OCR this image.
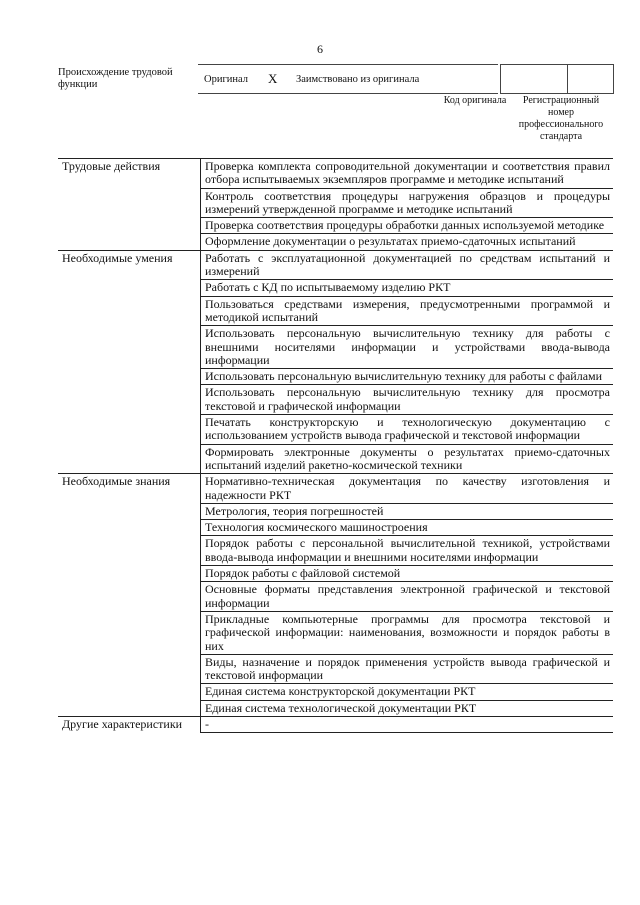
6
Происхождение трудовой функции	Оригинал X Заимствовано из оригинала
Код оригинала	Регистрационный номер профессионального стандарта
Трудовые действия	Проверка комплекта сопроводительной документации и соответствия правил отбора испытываемых экземпляров программе и методике испытаний
	Контроль соответствия процедуры нагружения образцов и процедуры измерений утвержденной программе и методике испытаний
	Проверка соответствия процедуры обработки данных используемой методике
	Оформление документации о результатах приемо-сдаточных испытаний
Необходимые умения	Работать с эксплуатационной документацией по средствам испытаний и измерений
	Работать с КД по испытываемому изделию РКТ
	Пользоваться средствами измерения, предусмотренными программой и методикой испытаний
	Использовать персональную вычислительную технику для работы с внешними носителями информации и устройствами ввода-вывода информации
	Использовать персональную вычислительную технику для работы с файлами
	Использовать персональную вычислительную технику для просмотра текстовой и графической информации
	Печатать конструкторскую и технологическую документацию с использованием устройств вывода графической и текстовой информации
	Формировать электронные документы о результатах приемо-сдаточных испытаний изделий ракетно-космической техники
Необходимые знания	Нормативно-техническая документация по качеству изготовления и надежности РКТ
	Метрология, теория погрешностей
	Технология космического машиностроения
	Порядок работы с персональной вычислительной техникой, устройствами ввода-вывода информации и внешними носителями информации
	Порядок работы с файловой системой
	Основные форматы представления электронной графической и текстовой информации
	Прикладные компьютерные программы для просмотра текстовой и графической информации: наименования, возможности и порядок работы в них
	Виды, назначение и порядок применения устройств вывода графической и текстовой информации
	Единая система конструкторской документации РКТ
	Единая система технологической документации РКТ
Другие характеристики	-
